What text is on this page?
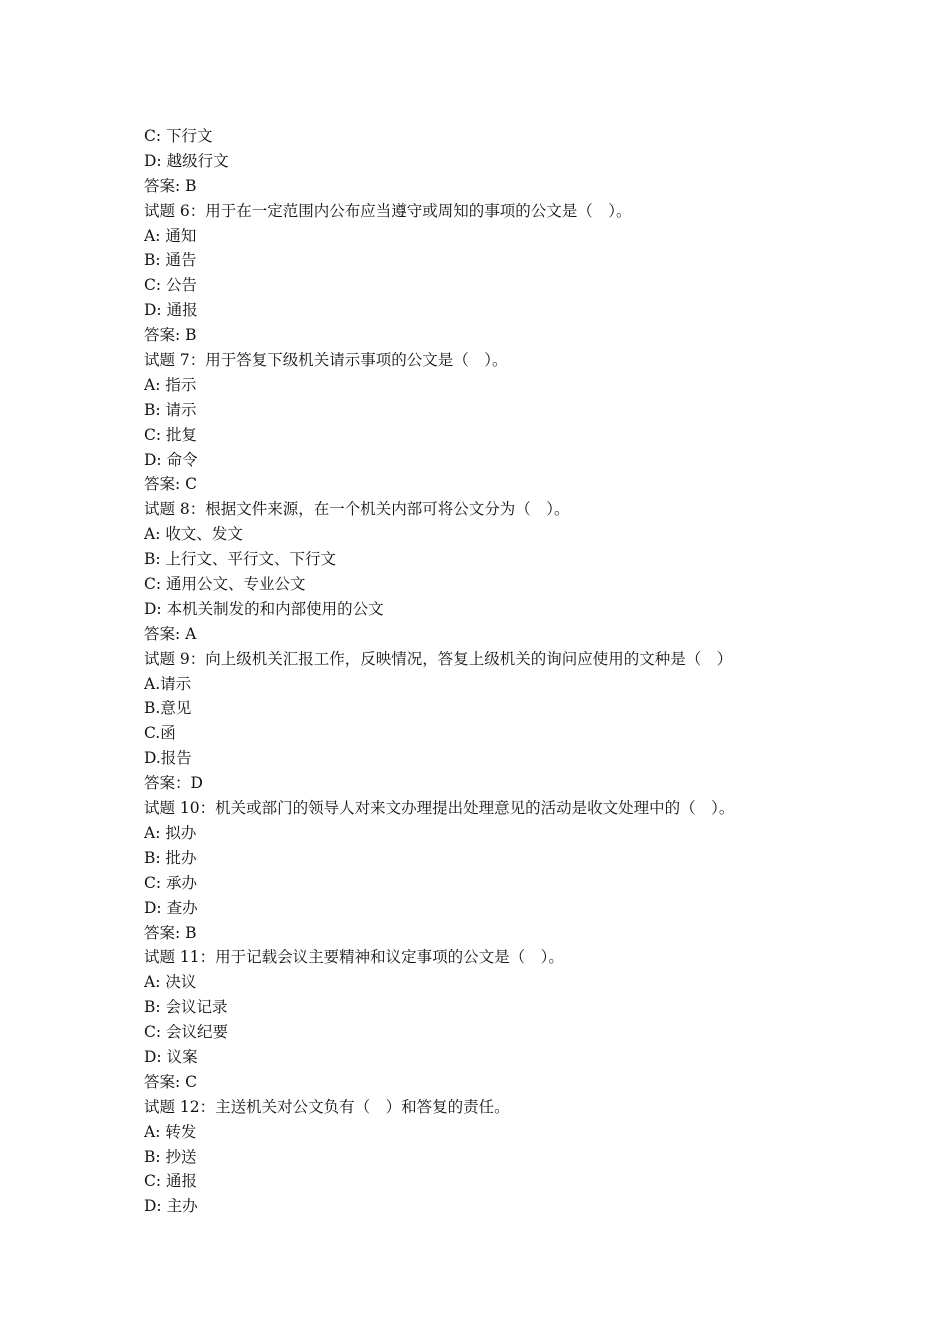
C: 下行文
D: 越级行文
答案: B
试题 6：用于在一定范围内公布应当遵守或周知的事项的公文是（　）。
A: 通知
B: 通告
C: 公告
D: 通报
答案: B
试题 7：用于答复下级机关请示事项的公文是（　）。
A: 指示
B: 请示
C: 批复
D: 命令
答案: C
试题 8：根据文件来源，在一个机关内部可将公文分为（　）。
A: 收文、发文
B: 上行文、平行文、下行文
C: 通用公文、专业公文
D: 本机关制发的和内部使用的公文
答案: A
试题 9：向上级机关汇报工作，反映情况，答复上级机关的询问应使用的文种是（　）
A.请示
B.意见
C.函
D.报告
答案：D
试题 10：机关或部门的领导人对来文办理提出处理意见的活动是收文处理中的（　）。
A: 拟办
B: 批办
C: 承办
D: 查办
答案: B
试题 11：用于记载会议主要精神和议定事项的公文是（　）。
A: 决议
B: 会议记录
C: 会议纪要
D: 议案
答案: C
试题 12：主送机关对公文负有（　）和答复的责任。
A: 转发
B: 抄送
C: 通报
D: 主办
